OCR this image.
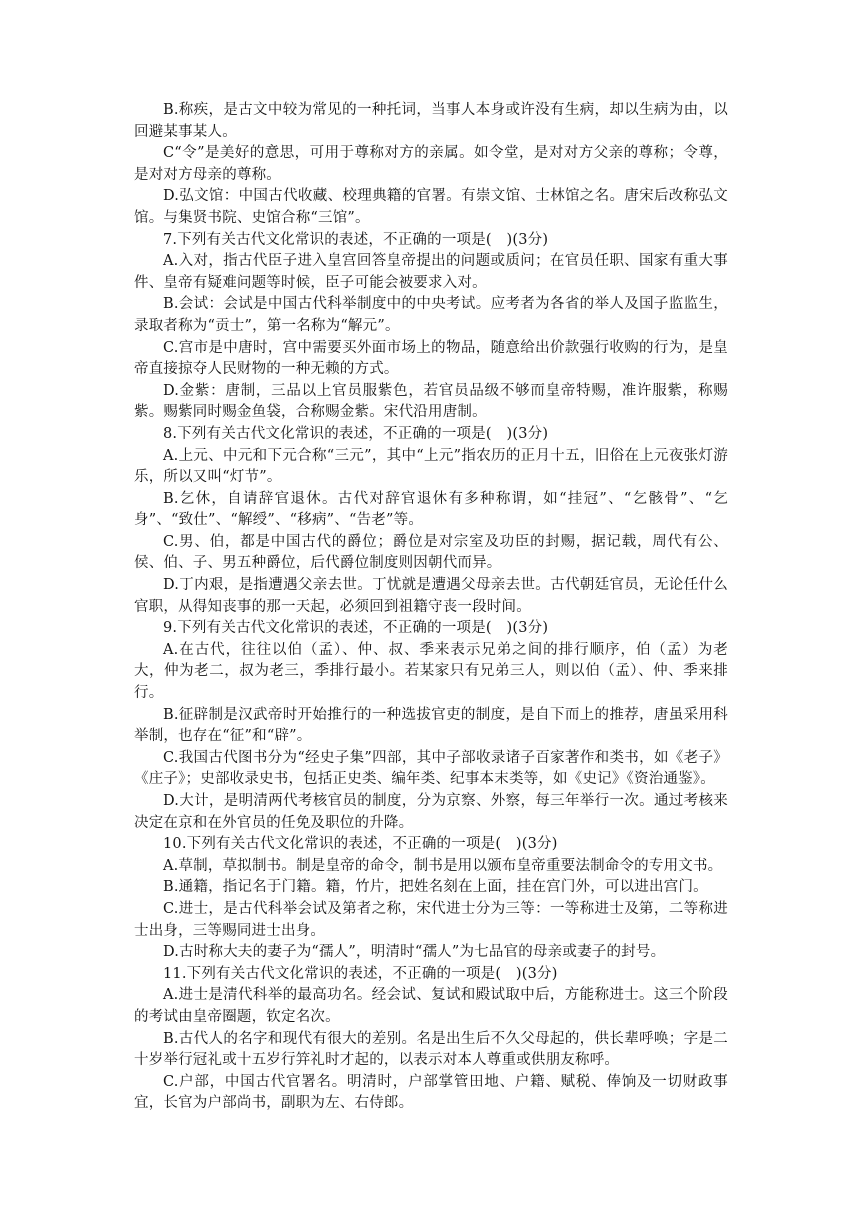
B.称疾，是古文中较为常见的一种托词，当事人本身或许没有生病，却以生病为由，以回避某事某人。

C“令”是美好的意思，可用于尊称对方的亲属。如令堂，是对对方父亲的尊称；令尊，是对对方母亲的尊称。

D.弘文馆：中国古代收藏、校理典籍的官署。有崇文馆、士林馆之名。唐宋后改称弘文馆。与集贤书院、史馆合称“三馆”。

7.下列有关古代文化常识的表述，不正确的一项是(　)(3分)

A.入对，指古代臣子进入皇宫回答皇帝提出的问题或质问；在官员任职、国家有重大事件、皇帝有疑难问题等时候，臣子可能会被要求入对。

B.会试：会试是中国古代科举制度中的中央考试。应考者为各省的举人及国子监监生，录取者称为“贡士”，第一名称为“解元”。

C.宫市是中唐时，宫中需要买外面市场上的物品，随意给出价款强行收购的行为，是皇帝直接掠夺人民财物的一种无赖的方式。

D.金紫：唐制，三品以上官员服紫色，若官员品级不够而皇帝特赐，准许服紫，称赐紫。赐紫同时赐金鱼袋，合称赐金紫。宋代沿用唐制。

8.下列有关古代文化常识的表述，不正确的一项是(　)(3分)

A.上元、中元和下元合称“三元”，其中“上元”指农历的正月十五，旧俗在上元夜张灯游乐，所以又叫“灯节”。

B.乞休，自请辞官退休。古代对辞官退休有多种称谓，如“挂冠”、“乞骸骨”、“乞身”、“致仕”、“解绶”、“移病”、“告老”等。

C.男、伯，都是中国古代的爵位；爵位是对宗室及功臣的封赐，据记载，周代有公、侯、伯、子、男五种爵位，后代爵位制度则因朝代而异。

D.丁内艰，是指遭遇父亲去世。丁忧就是遭遇父母亲去世。古代朝廷官员，无论任什么官职，从得知丧事的那一天起，必须回到祖籍守丧一段时间。

9.下列有关古代文化常识的表述，不正确的一项是(　)(3分)

A.在古代，往往以伯（孟）、仲、叔、季来表示兄弟之间的排行顺序，伯（孟）为老大，仲为老二，叔为老三，季排行最小。若某家只有兄弟三人，则以伯（孟）、仲、季来排行。

B.征辟制是汉武帝时开始推行的一种选拔官吏的制度，是自下而上的推荐，唐虽采用科举制，也存在“征”和“辟”。

C.我国古代图书分为“经史子集”四部，其中子部收录诸子百家著作和类书，如《老子》《庄子》；史部收录史书，包括正史类、编年类、纪事本末类等，如《史记》《资治通鉴》。

D.大计，是明清两代考核官员的制度，分为京察、外察，每三年举行一次。通过考核来决定在京和在外官员的任免及职位的升降。

10.下列有关古代文化常识的表述，不正确的一项是(　)(3分)

A.草制，草拟制书。制是皇帝的命令，制书是用以颁布皇帝重要法制命令的专用文书。

B.通籍，指记名于门籍。籍，竹片，把姓名刻在上面，挂在宫门外，可以进出宫门。

C.进士，是古代科举会试及第者之称，宋代进士分为三等：一等称进士及第，二等称进士出身，三等赐同进士出身。

D.古时称大夫的妻子为“孺人”，明清时“孺人”为七品官的母亲或妻子的封号。

11.下列有关古代文化常识的表述，不正确的一项是(　)(3分)

A.进士是清代科举的最高功名。经会试、复试和殿试取中后，方能称进士。这三个阶段的考试由皇帝圈题，钦定名次。

B.古代人的名字和现代有很大的差别。名是出生后不久父母起的，供长辈呼唤；字是二十岁举行冠礼或十五岁行笄礼时才起的，以表示对本人尊重或供朋友称呼。

C.户部，中国古代官署名。明清时，户部掌管田地、户籍、赋税、俸饷及一切财政事宜，长官为户部尚书，副职为左、右侍郎。
